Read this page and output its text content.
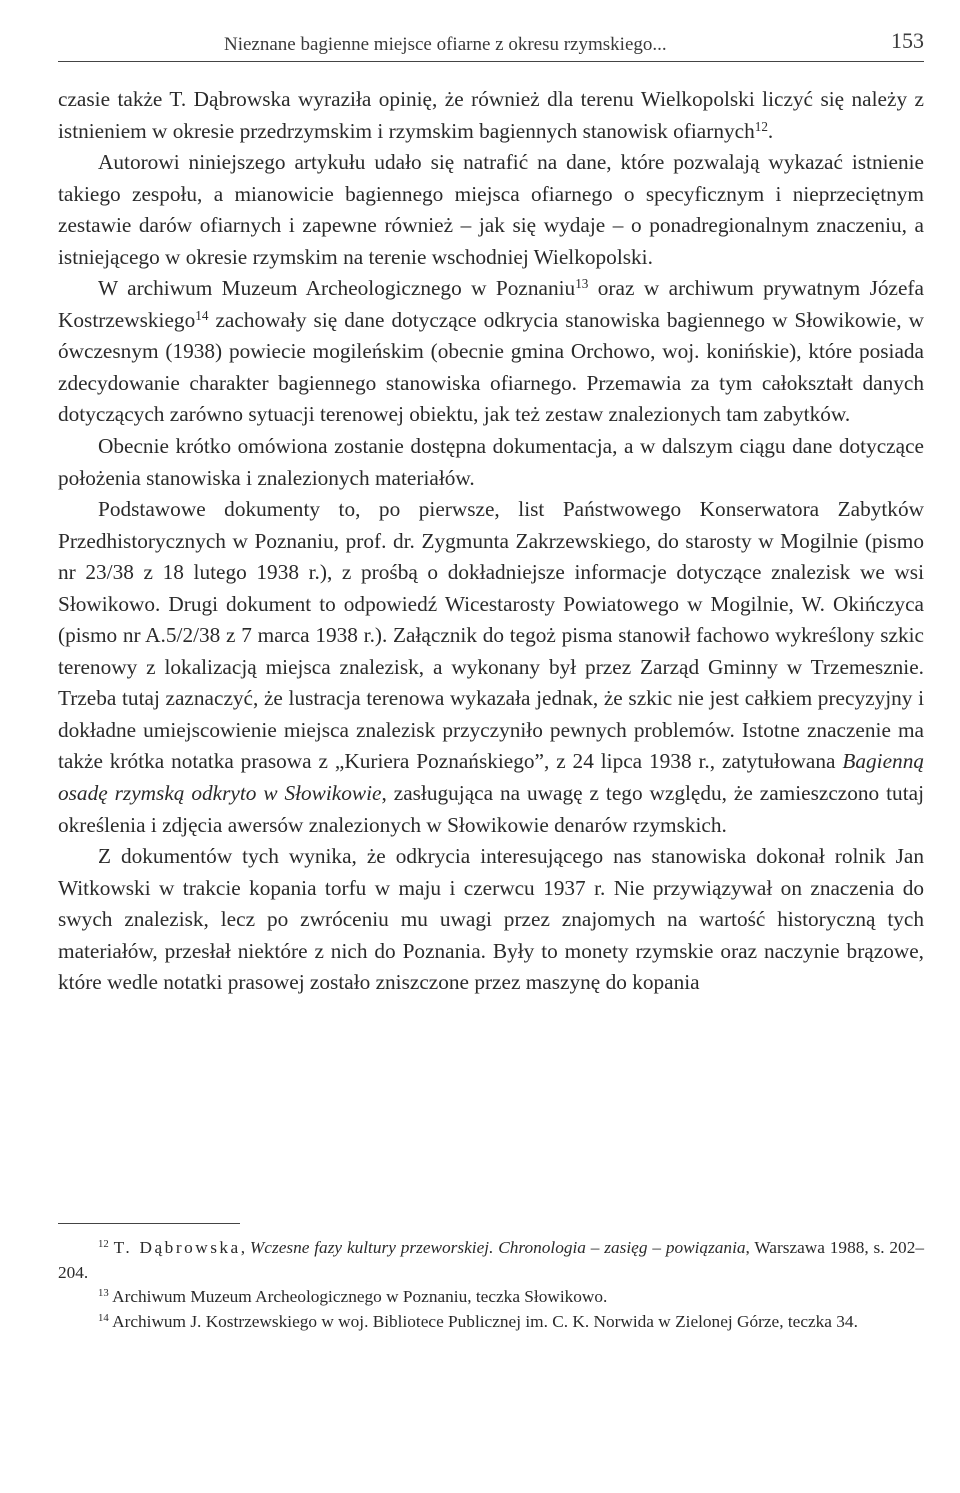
Nieznane bagienne miejsce ofiarne z okresu rzymskiego...	153

czasie także T. Dąbrowska wyraziła opinię, że również dla terenu Wielkopolski liczyć się należy z istnieniem w okresie przedrzymskim i rzymskim bagiennych stanowisk ofiarnych$^{12}$.

Autorowi niniejszego artykułu udało się natrafić na dane, które pozwalają wykazać istnienie takiego zespołu, a mianowicie bagiennego miejsca ofiarnego o specyficznym i nieprzeciętnym zestawie darów ofiarnych i zapewne również – jak się wydaje – o ponadregionalnym znaczeniu, a istniejącego w okresie rzymskim na terenie wschodniej Wielkopolski.

W archiwum Muzeum Archeologicznego w Poznaniu$^{13}$ oraz w archiwum prywatnym Józefa Kostrzewskiego$^{14}$ zachowały się dane dotyczące odkrycia stanowiska bagiennego w Słowikowie, w ówczesnym (1938) powiecie mogileńskim (obecnie gmina Orchowo, woj. konińskie), które posiada zdecydowanie charakter bagiennego stanowiska ofiarnego. Przemawia za tym całokształt danych dotyczących zarówno sytuacji terenowej obiektu, jak też zestaw znalezionych tam zabytków.

Obecnie krótko omówiona zostanie dostępna dokumentacja, a w dalszym ciągu dane dotyczące położenia stanowiska i znalezionych materiałów.

Podstawowe dokumenty to, po pierwsze, list Państwowego Konserwatora Zabytków Przedhistorycznych w Poznaniu, prof. dr. Zygmunta Zakrzewskiego, do starosty w Mogilnie (pismo nr 23/38 z 18 lutego 1938 r.), z prośbą o dokładniejsze informacje dotyczące znalezisk we wsi Słowikowo. Drugi dokument to odpowiedź Wicestarosty Powiatowego w Mogilnie, W. Okińczyca (pismo nr A.5/2/38 z 7 marca 1938 r.). Załącznik do tegoż pisma stanowił fachowo wykreślony szkic terenowy z lokalizacją miejsca znalezisk, a wykonany był przez Zarząd Gminny w Trzemesznie. Trzeba tutaj zaznaczyć, że lustracja terenowa wykazała jednak, że szkic nie jest całkiem precyzyjny i dokładne umiejscowienie miejsca znalezisk przyczyniło pewnych problemów. Istotne znaczenie ma także krótka notatka prasowa z „Kuriera Poznańskiego”, z 24 lipca 1938 r., zatytułowana Bagienną osadę rzymską odkryto w Słowikowie, zasługująca na uwagę z tego względu, że zamieszczono tutaj określenia i zdjęcia awersów znalezionych w Słowikowie denarów rzymskich.

Z dokumentów tych wynika, że odkrycia interesującego nas stanowiska dokonał rolnik Jan Witkowski w trakcie kopania torfu w maju i czerwcu 1937 r. Nie przywiązywał on znaczenia do swych znalezisk, lecz po zwróceniu mu uwagi przez znajomych na wartość historyczną tych materiałów, przesłał niektóre z nich do Poznania. Były to monety rzymskie oraz naczynie brązowe, które wedle notatki prasowej zostało zniszczone przez maszynę do kopania

$^{12}$ T. Dąbrowska, Wczesne fazy kultury przeworskiej. Chronologia – zasięg – powiązania, Warszawa 1988, s. 202–204.

$^{13}$ Archiwum Muzeum Archeologicznego w Poznaniu, teczka Słowikowo.

$^{14}$ Archiwum J. Kostrzewskiego w woj. Bibliotece Publicznej im. C. K. Norwida w Zielonej Górze, teczka 34.
